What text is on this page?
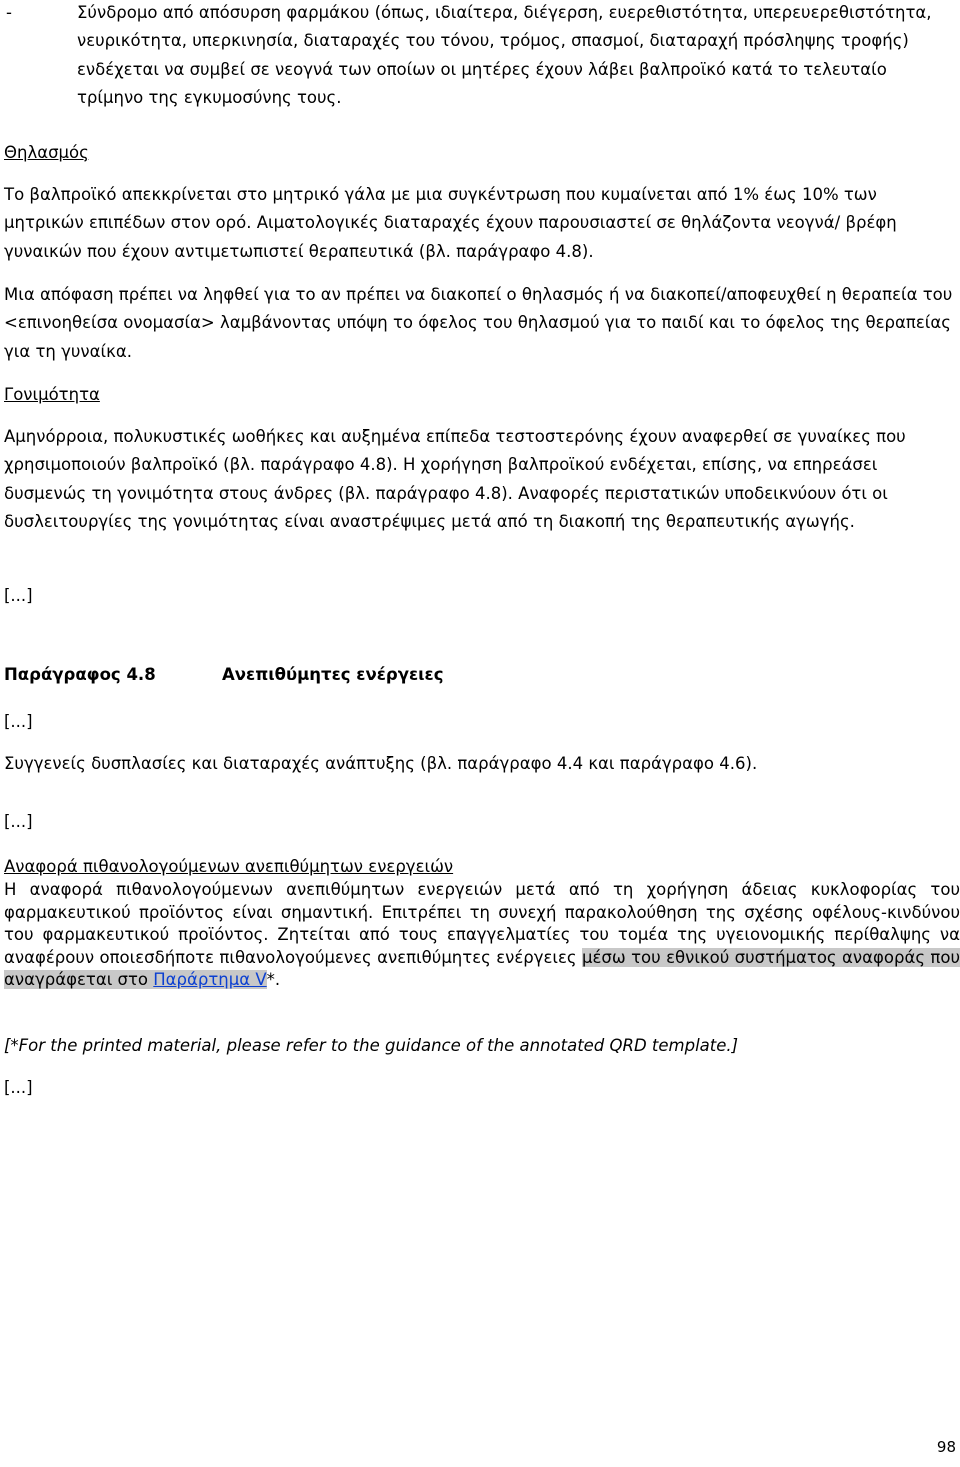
-	Σύνδρομο από απόσυρση φαρμάκου (όπως, ιδιαίτερα, διέγερση, ευερεθιστότητα, υπερευερεθιστότητα, νευρικότητα, υπερκινησία, διαταραχές του τόνου, τρόμος, σπασμοί, διαταραχή πρόσληψης τροφής) ενδέχεται να συμβεί σε νεογνά των οποίων οι μητέρες έχουν λάβει βαλπροϊκό κατά το τελευταίο τρίμηνο της εγκυμοσύνης τους.
Θηλασμός
Το βαλπροϊκό απεκκρίνεται στο μητρικό γάλα με μια συγκέντρωση που κυμαίνεται από 1% έως 10% των μητρικών επιπέδων στον ορό. Αιματολογικές διαταραχές έχουν παρουσιαστεί σε θηλάζοντα νεογνά/ βρέφη γυναικών που έχουν αντιμετωπιστεί θεραπευτικά (βλ. παράγραφο 4.8).
Μια απόφαση πρέπει να ληφθεί για το αν πρέπει να διακοπεί ο θηλασμός ή να διακοπεί/αποφευχθεί η θεραπεία του <επινοηθείσα ονομασία> λαμβάνοντας υπόψη το όφελος του θηλασμού για το παιδί και το όφελος της θεραπείας για τη γυναίκα.
Γονιμότητα
Αμηνόρροια, πολυκυστικές ωοθήκες και αυξημένα επίπεδα τεστοστερόνης έχουν αναφερθεί σε γυναίκες που χρησιμοποιούν βαλπροϊκό (βλ. παράγραφο 4.8). Η χορήγηση βαλπροϊκού ενδέχεται, επίσης, να επηρεάσει δυσμενώς τη γονιμότητα στους άνδρες (βλ. παράγραφο 4.8). Αναφορές περιστατικών υποδεικνύουν ότι οι δυσλειτουργίες της γονιμότητας είναι αναστρέψιμες μετά από τη διακοπή της θεραπευτικής αγωγής.
[...]
Παράγραφος 4.8	Ανεπιθύμητες ενέργειες
[...]
Συγγενείς δυσπλασίες και διαταραχές ανάπτυξης (βλ. παράγραφο 4.4 και παράγραφο 4.6).
[...]
Αναφορά πιθανολογούμενων ανεπιθύμητων ενεργειών
Η αναφορά πιθανολογούμενων ανεπιθύμητων ενεργειών μετά από τη χορήγηση άδειας κυκλοφορίας του φαρμακευτικού προϊόντος είναι σημαντική. Επιτρέπει τη συνεχή παρακολούθηση της σχέσης οφέλους-κινδύνου του φαρμακευτικού προϊόντος. Ζητείται από τους επαγγελματίες του τομέα της υγειονομικής περίθαλψης να αναφέρουν οποιεσδήποτε πιθανολογούμενες ανεπιθύμητες ενέργειες μέσω του εθνικού συστήματος αναφοράς που αναγράφεται στο Παράρτημα V*.
[*For the printed material, please refer to the guidance of the annotated QRD template.]
[...]
98
